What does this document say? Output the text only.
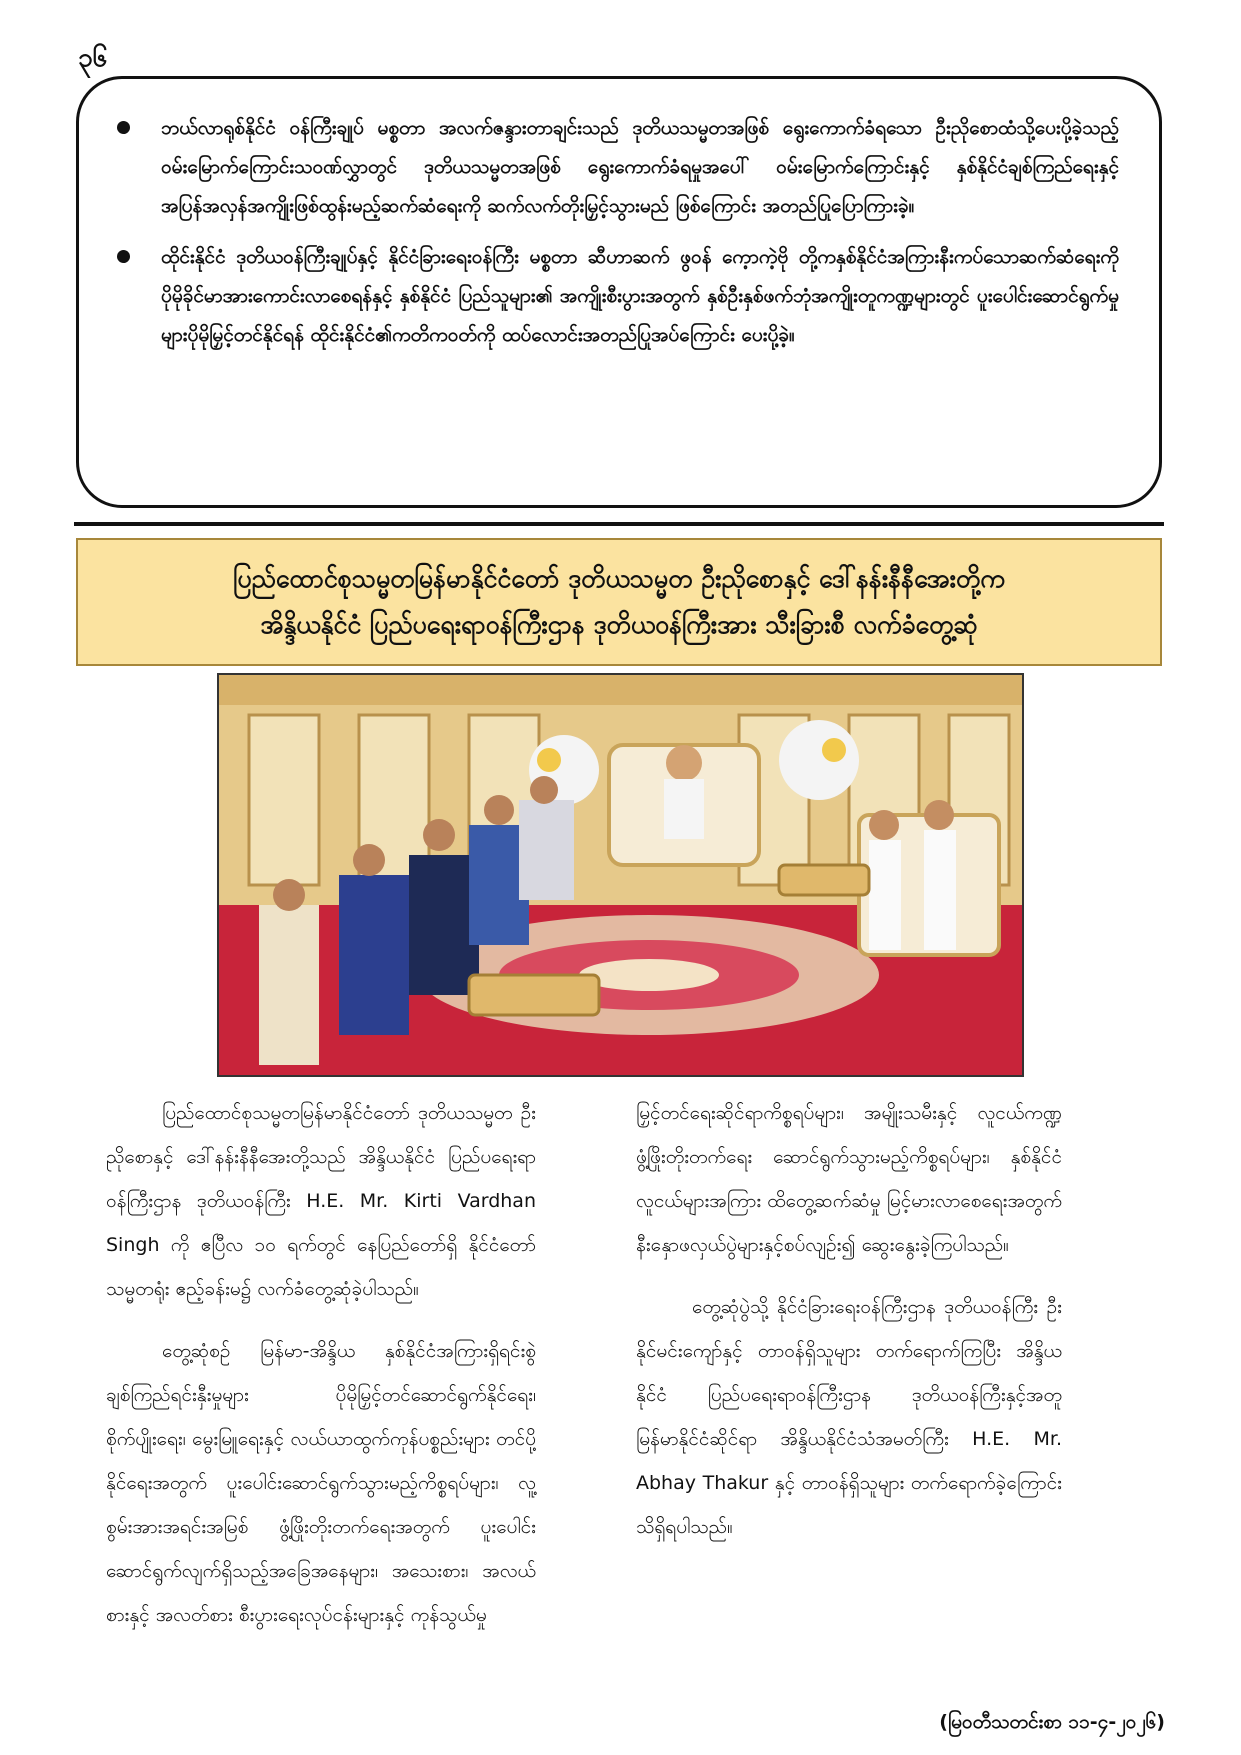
၃၆
ဘယ်လာရုစ်နိုင်ငံ ဝန်ကြီးချုပ် မစ္စတာ အလက်ဇန္ဒားတာချင်းသည် ဒုတိယသမ္မတအဖြစ် ရွေးကောက်ခံရသော ဦးညိုစောထံသို့ပေးပို့ခဲ့သည့် ဝမ်းမြောက်ကြောင်းသဝဏ်လွှာတွင် ဒုတိယသမ္မတအဖြစ် ရွေးကောက်ခံရမှုအပေါ် ဝမ်းမြောက်ကြောင်းနှင့် နှစ်နိုင်ငံချစ်ကြည်ရေးနှင့် အပြန်အလှန်အကျိုးဖြစ်ထွန်းမည့်ဆက်ဆံရေးကို ဆက်လက်တိုးမြှင့်သွားမည် ဖြစ်ကြောင်း အတည်ပြုပြောကြားခဲ့။
ထိုင်းနိုင်ငံ ဒုတိယဝန်ကြီးချုပ်နှင့် နိုင်ငံခြားရေးဝန်ကြီး မစ္စတာ ဆီဟာဆက် ဖွဝန် ကေ့ာကဲ့ဗို တို့ကနှစ်နိုင်ငံအကြားနီးကပ်သောဆက်ဆံရေးကို ပိုမိုခိုင်မာအားကောင်းလာစေရန်နှင့် နှစ်နိုင်ငံ ပြည်သူများ၏ အကျိုးစီးပွားအတွက် နှစ်ဦးနှစ်ဖက်ဘုံအကျိုးတူကဏ္ဍများတွင် ပူးပေါင်းဆောင်ရွက်မှုများပိုမိုမြှင့်တင်နိုင်ရန် ထိုင်းနိုင်ငံ၏ကတိကဝတ်ကို ထပ်လောင်းအတည်ပြုအပ်ကြောင်း ပေးပို့ခဲ့။
ပြည်ထောင်စုသမ္မတမြန်မာနိုင်ငံတော် ဒုတိယသမ္မတ ဦးညိုစောနှင့် ဒေါ်နန်းနီနီအေးတို့က
အိန္ဒိယနိုင်ငံ ပြည်ပရေးရာဝန်ကြီးဌာန ဒုတိယဝန်ကြီးအား သီးခြားစီ လက်ခံတွေ့ဆုံ

ပြည်ထောင်စုသမ္မတမြန်မာနိုင်ငံတော် ဒုတိယသမ္မတ ဦးညိုစောနှင့် ဒေါ်နန်းနီနီအေးတို့သည် အိန္ဒိယနိုင်ငံ ပြည်ပရေးရာဝန်ကြီးဌာန ဒုတိယဝန်ကြီး H.E. Mr. Kirti Vardhan Singh ကို ဧပြီလ ၁၀ ရက်တွင် နေပြည်တော်ရှိ နိုင်ငံတော်သမ္မတရုံး ဧည့်ခန်းမ၌ လက်ခံတွေ့ဆုံခဲ့ပါသည်။

တွေ့ဆုံစဉ် မြန်မာ-အိန္ဒိယ နှစ်နိုင်ငံအကြားရှိရင်းစွဲ ချစ်ကြည်ရင်းနှီးမှုများ ပိုမိုမြှင့်တင်ဆောင်ရွက်နိုင်ရေး၊ စိုက်ပျိုးရေး၊ မွေးမြူရေးနှင့် လယ်ယာထွက်ကုန်ပစ္စည်းများ တင်ပို့နိုင်ရေးအတွက် ပူးပေါင်းဆောင်ရွက်သွားမည့်ကိစ္စရပ်များ၊ လူ့စွမ်းအားအရင်းအမြစ် ဖွံ့ဖြိုးတိုးတက်ရေးအတွက် ပူးပေါင်းဆောင်ရွက်လျက်ရှိသည့်အခြေအနေများ၊ အသေးစား၊ အလယ်စားနှင့် အလတ်စား စီးပွားရေးလုပ်ငန်းများနှင့် ကုန်သွယ်မှု

မြှင့်တင်ရေးဆိုင်ရာကိစ္စရပ်များ၊ အမျိုးသမီးနှင့် လူငယ်ကဏ္ဍ ဖွံ့ဖြိုးတိုးတက်ရေး ဆောင်ရွက်သွားမည့်ကိစ္စရပ်များ၊ နှစ်နိုင်ငံ လူငယ်များအကြား ထိတွေ့ဆက်ဆံမှု မြင့်မားလာစေရေးအတွက် နီးနှောဖလှယ်ပွဲများနှင့်စပ်လျဉ်း၍ ဆွေးနွေးခဲ့ကြပါသည်။

တွေ့ဆုံပွဲသို့ နိုင်ငံခြားရေးဝန်ကြီးဌာန ဒုတိယဝန်ကြီး ဦးနိုင်မင်းကျော်နှင့် တာဝန်ရှိသူများ တက်ရောက်ကြပြီး အိန္ဒိယနိုင်ငံ ပြည်ပရေးရာဝန်ကြီးဌာန ဒုတိယဝန်ကြီးနှင့်အတူ မြန်မာနိုင်ငံဆိုင်ရာ အိန္ဒိယနိုင်ငံသံအမတ်ကြီး H.E. Mr. Abhay Thakur နှင့် တာဝန်ရှိသူများ တက်ရောက်ခဲ့ကြောင်း သိရှိရပါသည်။

(မြဝတီသတင်းစာ ၁၁-၄-၂၀၂၆)
